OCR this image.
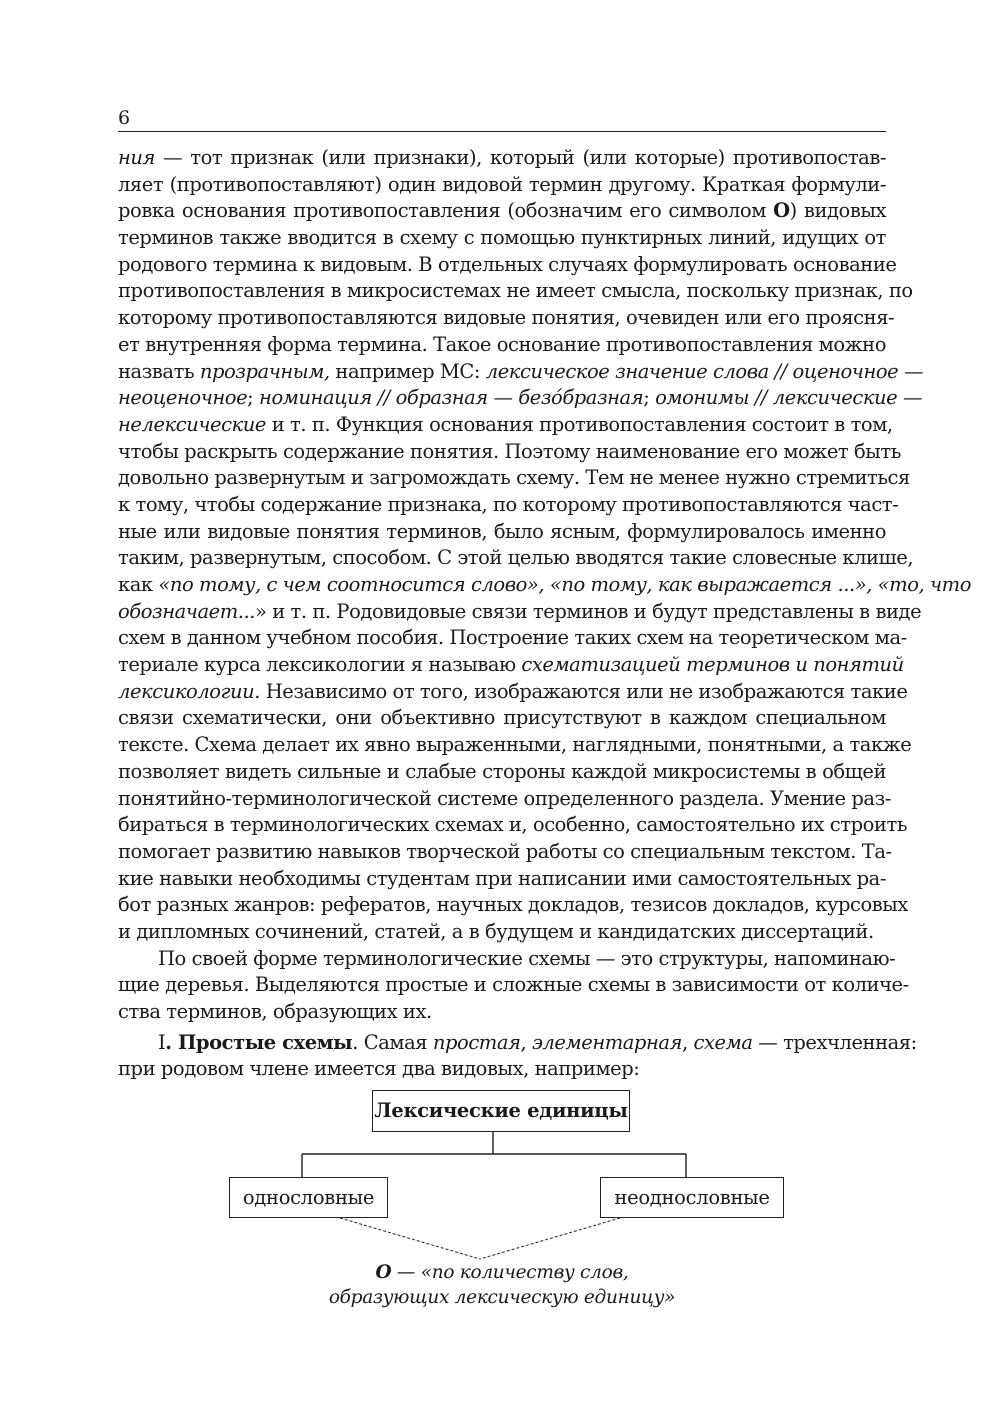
6
ния — тот признак (или признаки), который (или которые) противопостав-
ляет (противопоставляют) один видовой термин другому. Краткая формули-
ровка основания противопоставления (обозначим его символом О) видовых
терминов также вводится в схему с помощью пунктирных линий, идущих от
родового термина к видовым. В отдельных случаях формулировать основание
противопоставления в микросистемах не имеет смысла, поскольку признак, по
которому противопоставляются видовые понятия, очевиден или его проясня-
ет внутренняя форма термина. Такое основание противопоставления можно
назвать прозрачным, например МС: лексическое значение слова // оценочное —
неоценочное; номинация // образная — безо́бразная; омонимы // лексические —
нелексические и т. п. Функция основания противопоставления состоит в том,
чтобы раскрыть содержание понятия. Поэтому наименование его может быть
довольно развернутым и загромождать схему. Тем не менее нужно стремиться
к тому, чтобы содержание признака, по которому противопоставляются част-
ные или видовые понятия терминов, было ясным, формулировалось именно
таким, развернутым, способом. С этой целью вводятся такие словесные клише,
как «по тому, с чем соотносится слово», «по тому, как выражается ...», «то, что
обозначает...» и т. п. Родовидовые связи терминов и будут представлены в виде
схем в данном учебном пособия. Построение таких схем на теоретическом ма-
териале курса лексикологии я называю схематизацией терминов и понятий
лексикологии. Независимо от того, изображаются или не изображаются такие
связи схематически, они объективно присутствуют в каждом специальном
тексте. Схема делает их явно выраженными, наглядными, понятными, а также
позволяет видеть сильные и слабые стороны каждой микросистемы в общей
понятийно-терминологической системе определенного раздела. Умение раз-
бираться в терминологических схемах и, особенно, самостоятельно их строить
помогает развитию навыков творческой работы со специальным текстом. Та-
кие навыки необходимы студентам при написании ими самостоятельных ра-
бот разных жанров: рефератов, научных докладов, тезисов докладов, курсовых
и дипломных сочинений, статей, а в будущем и кандидатских диссертаций.
По своей форме терминологические схемы — это структуры, напоминаю-
щие деревья. Выделяются простые и сложные схемы в зависимости от количе-
ства терминов, образующих их.
I. Простые схемы. Самая простая, элементарная, схема — трехчленная:
при родовом члене имеется два видовых, например:
Лексические единицы
однословные	неоднословные
О — «по количеству слов,
образующих лексическую единицу»
